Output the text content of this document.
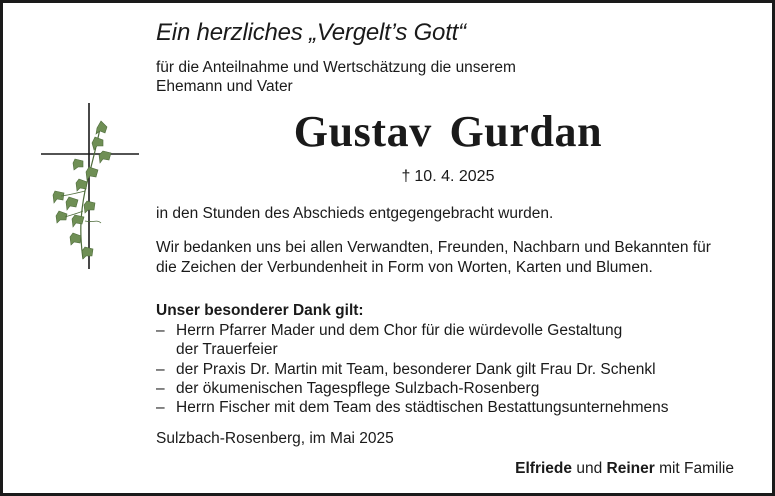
Ein herzliches „Vergelt’s Gott“

für die Anteilnahme und Wertschätzung die unserem
Ehemann und Vater

Gustav Gurdan

† 10. 4. 2025

in den Stunden des Abschieds entgegengebracht wurden.

Wir bedanken uns bei allen Verwandten, Freunden, Nachbarn und Bekannten für die Zeichen der Verbundenheit in Form von Worten, Karten und Blumen.

Unser besonderer Dank gilt:

– Herrn Pfarrer Mader und dem Chor für die würdevolle Gestaltung
der Trauerfeier
– der Praxis Dr. Martin mit Team, besonderer Dank gilt Frau Dr. Schenkl
– der ökumenischen Tagespflege Sulzbach-Rosenberg
– Herrn Fischer mit dem Team des städtischen Bestattungsunternehmens

Sulzbach-Rosenberg, im Mai 2025

Elfriede und Reiner mit Familie
